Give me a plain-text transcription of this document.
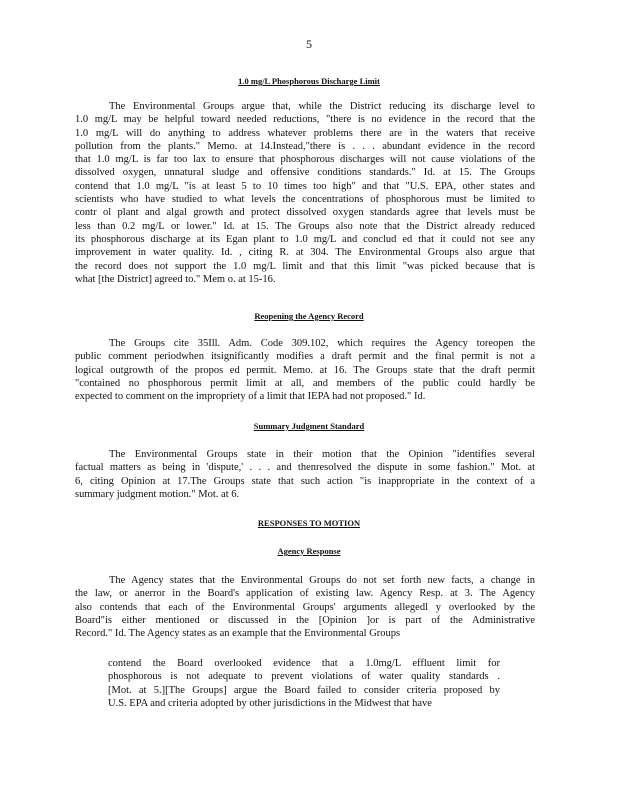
5
1.0 mg/L Phosphorous Discharge Limit
The Environmental Groups argue that, while the District reducing its discharge level to
1.0 mg/L may be helpful toward needed reductions, "there is no evidence in the record that the
1.0 mg/L will do anything to address whatever problems there are in the waters that receive
pollution from the plants." Memo. at 14.Instead,"there is . . . abundant evidence in the record
that 1.0 mg/L is far too lax to ensure that phosphorous discharges will not cause violations of the
dissolved oxygen, unnatural sludge and offensive conditions standards." Id. at 15. The Groups
contend that 1.0 mg/L "is at least 5 to 10 times too high" and that "U.S. EPA, other states and
scientists who have studied to what levels the concentrations of phosphorous must be limited to
contr ol plant and algal growth and protect dissolved oxygen standards agree that levels must be
less than 0.2 mg/L or lower." Id. at 15. The Groups also note that the District already reduced
its phosphorous discharge at its Egan plant to 1.0 mg/L and conclud ed that it could not see any
improvement in water quality. Id. , citing R. at 304. The Environmental Groups also argue that
the record does not support the 1.0 mg/L limit and that this limit "was picked because that is
what [the District] agreed to." Mem o. at 15-16.
Reopening the Agency Record
The Groups cite 35Ill. Adm. Code 309.102, which requires the Agency toreopen the
public comment periodwhen itsignificantly modifies a draft permit and the final permit is not a
logical outgrowth of the propos ed permit. Memo. at 16. The Groups state that the draft permit
"contained no phosphorous permit limit at all, and members of the public could hardly be
expected to comment on the impropriety of a limit that IEPA had not proposed." Id.
Summary Judgment Standard
The Environmental Groups state in their motion that the Opinion "identifies several
factual matters as being in 'dispute,' . . . and thenresolved the dispute in some fashion." Mot. at
6, citing Opinion at 17.The Groups state that such action "is inappropriate in the context of a
summary judgment motion." Mot. at 6.
RESPONSES TO MOTION
Agency Response
The Agency states that the Environmental Groups do not set forth new facts, a change in
the law, or anerror in the Board's application of existing law. Agency Resp. at 3. The Agency
also contends that each of the Environmental Groups' arguments allegedl y overlooked by the
Board"is either mentioned or discussed in the [Opinion ]or is part of the Administrative
Record." Id. The Agency states as an example that the Environmental Groups
contend the Board overlooked evidence that a 1.0mg/L effluent limit for
phosphorous is not adequate to prevent violations of water quality standards .
[Mot. at 5.][The Groups] argue the Board failed to consider criteria proposed by
U.S. EPA and criteria adopted by other jurisdictions in the Midwest that have
